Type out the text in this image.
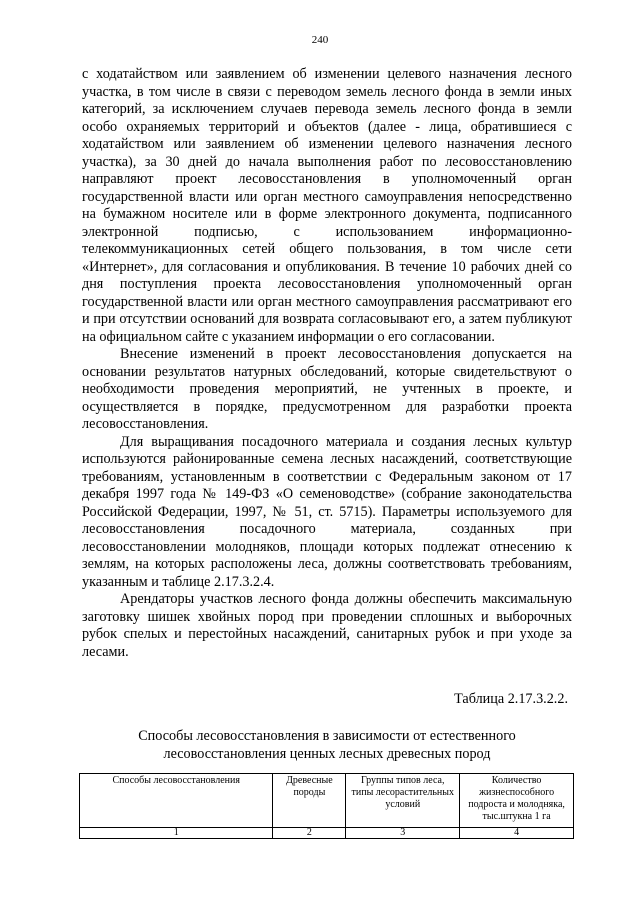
240

с ходатайством или заявлением об изменении целевого назначения лесного участка, в том числе в связи с переводом земель лесного фонда в земли иных категорий, за исключением случаев перевода земель лесного фонда в земли особо охраняемых территорий и объектов (далее - лица, обратившиеся с ходатайством или заявлением об изменении целевого назначения лесного участка), за 30 дней до начала выполнения работ по лесовосстановлению направляют проект лесовосстановления в уполномоченный орган государственной власти или орган местного самоуправления непосредственно на бумажном носителе или в форме электронного документа, подписанного электронной подписью, с использованием информационно-телекоммуникационных сетей общего пользования, в том числе сети «Интернет», для согласования и опубликования. В течение 10 рабочих дней со дня поступления проекта лесовосстановления уполномоченный орган государственной власти или орган местного самоуправления рассматривают его и при отсутствии оснований для возврата согласовывают его, а затем публикуют на официальном сайте с указанием информации о его согласовании.

Внесение изменений в проект лесовосстановления допускается на основании результатов натурных обследований, которые свидетельствуют о необходимости проведения мероприятий, не учтенных в проекте, и осуществляется в порядке, предусмотренном для разработки проекта лесовосстановления.

Для выращивания посадочного материала и создания лесных культур используются районированные семена лесных насаждений, соответствующие требованиям, установленным в соответствии с Федеральным законом от 17 декабря 1997 года № 149-ФЗ «О семеноводстве» (собрание законодательства Российской Федерации, 1997, № 51, ст. 5715). Параметры используемого для лесовосстановления посадочного материала, созданных при лесовосстановлении молодняков, площади которых подлежат отнесению к землям, на которых расположены леса, должны соответствовать требованиям, указанным и таблице 2.17.3.2.4.

Арендаторы участков лесного фонда должны обеспечить максимальную заготовку шишек хвойных пород при проведении сплошных и выборочных рубок спелых и перестойных насаждений, санитарных рубок и при уходе за лесами.

Таблица 2.17.3.2.2.
Способы лесовосстановления в зависимости от естественного
лесовосстановления ценных лесных древесных пород
Способы лесовосстановления	Древесные породы	Группы типов леса, типы лесорастительных условий	Количество жизнеспособного подроста и молодняка, тыс.штукна 1 га
1	2	3	4
